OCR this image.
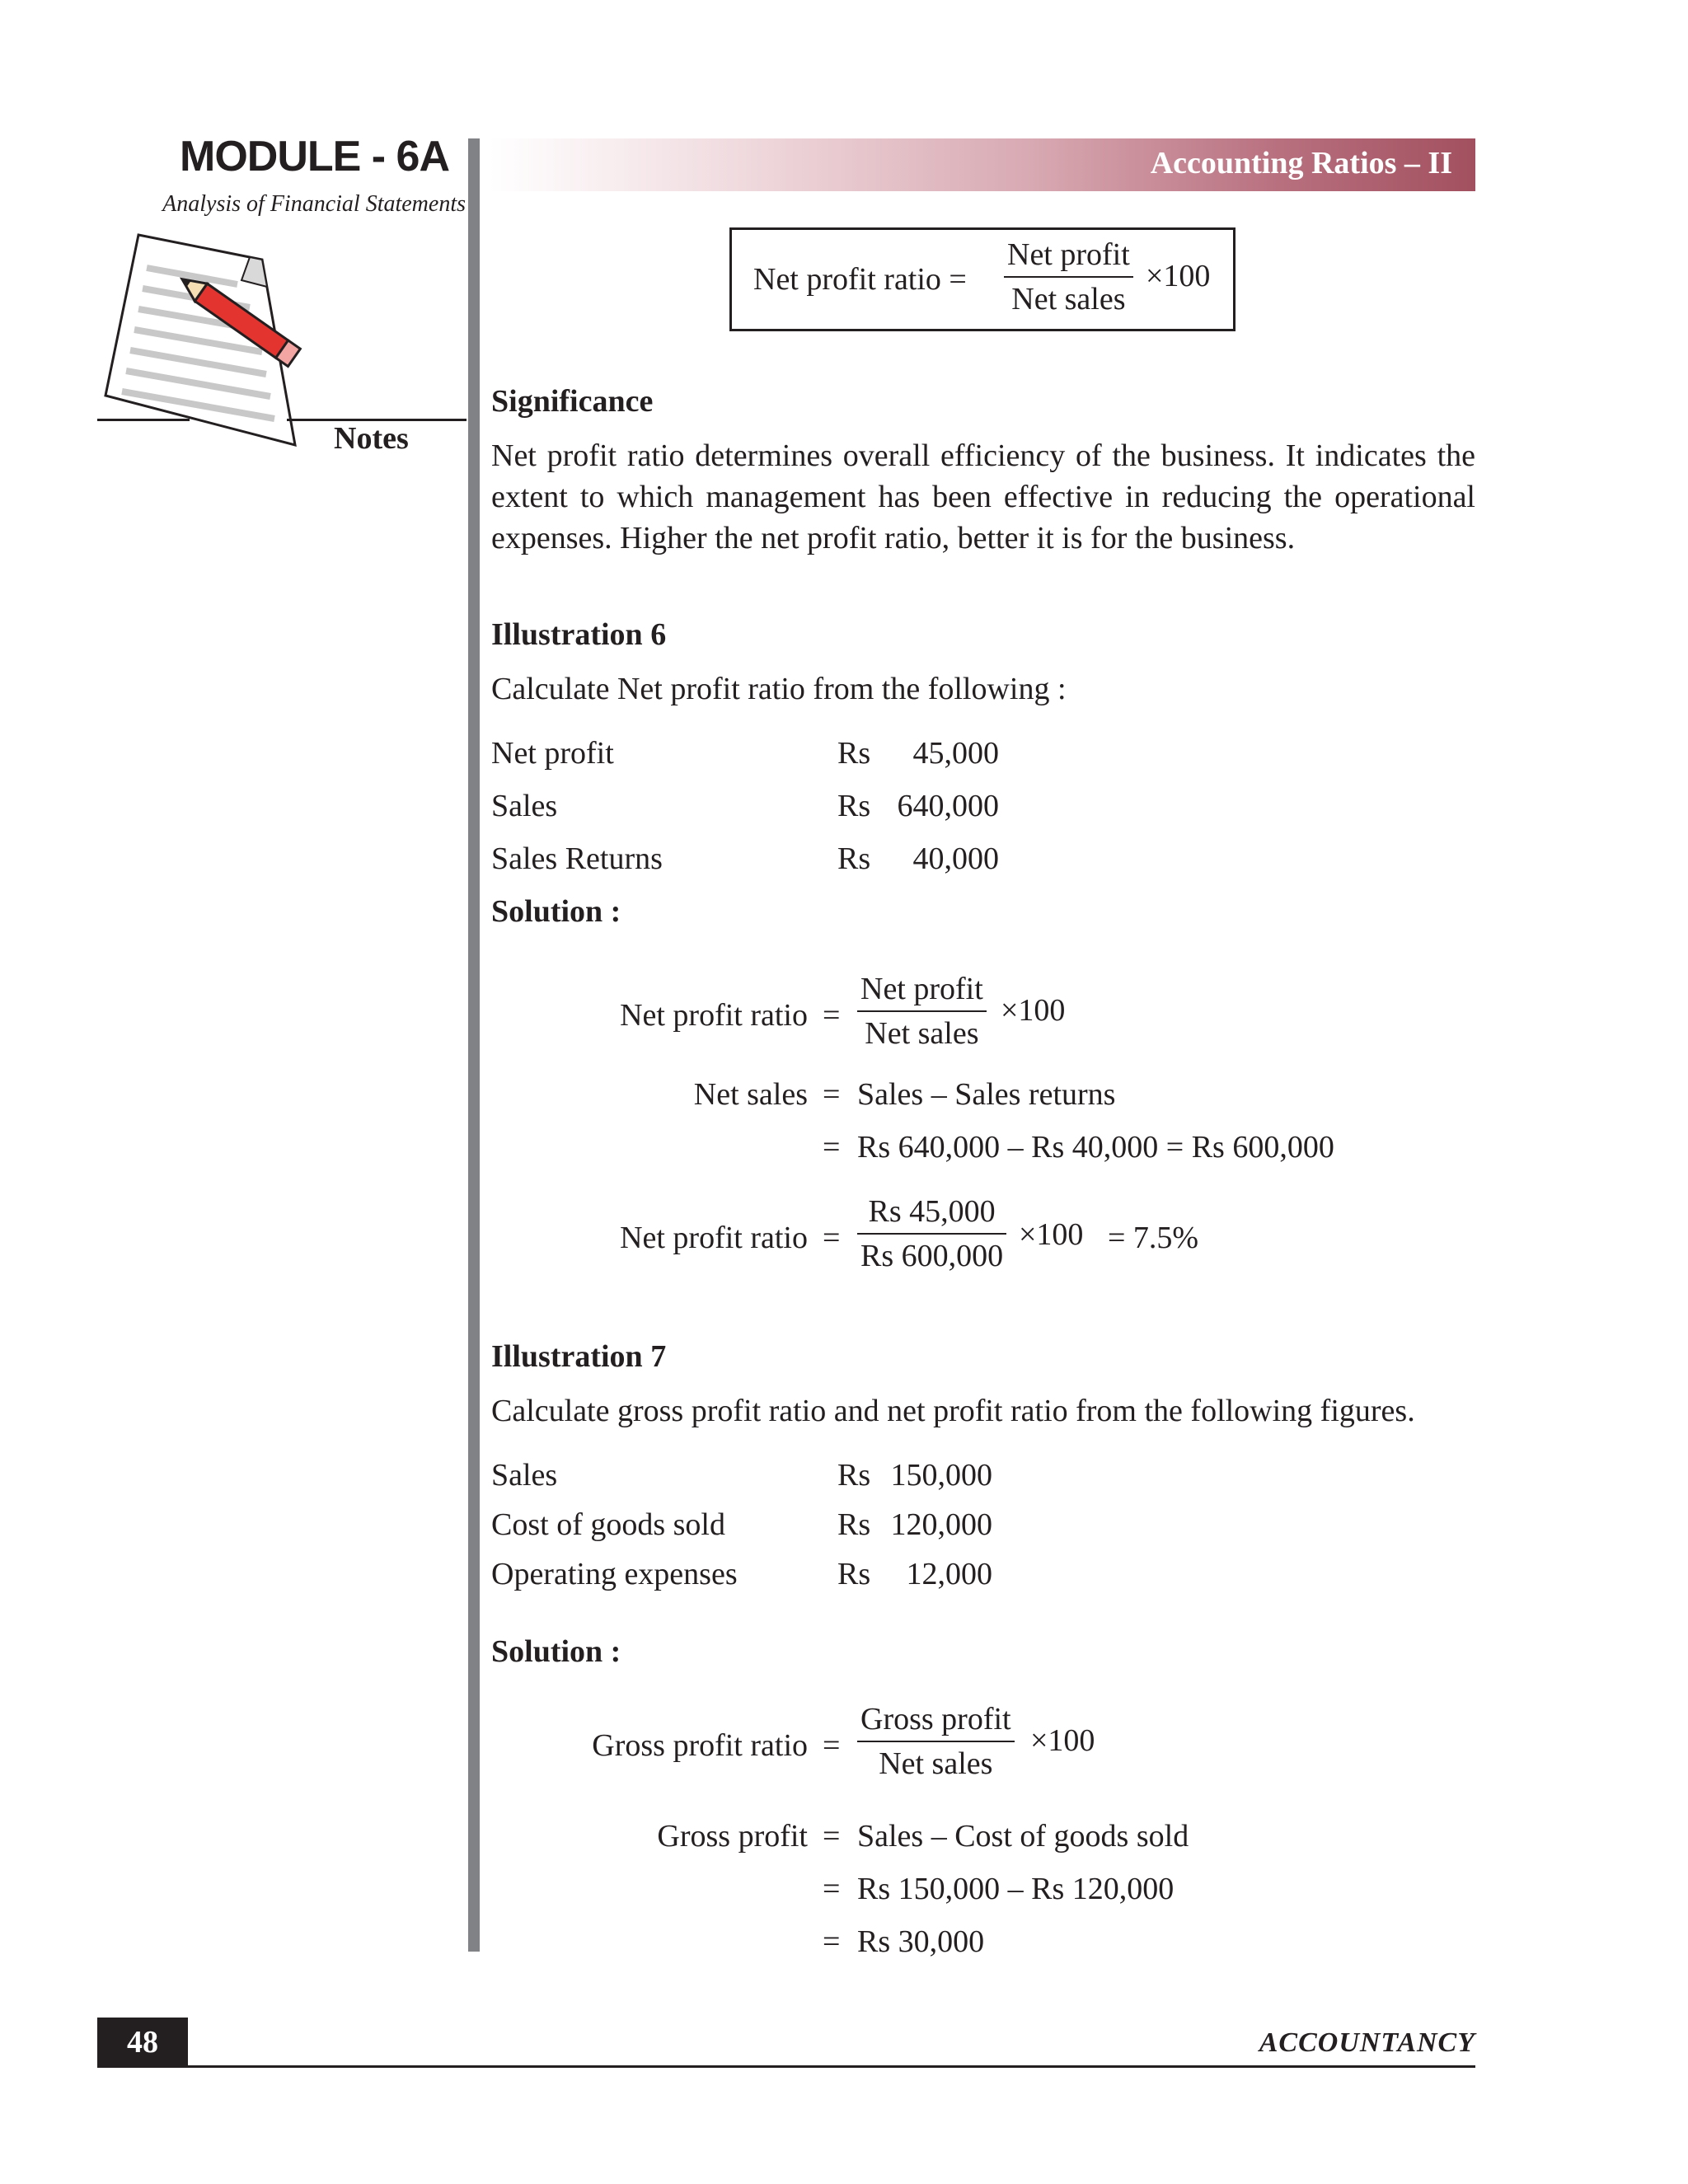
MODULE - 6A
Analysis of Financial Statements
Accounting Ratios – II
Notes
Net profit ratio =
Net profit
Net sales
×100
Significance
Net profit ratio determines overall efficiency of the business. It indicates the extent to which management has been effective in reducing the operational expenses. Higher the net profit ratio, better it is for the business.
Illustration 6
Calculate Net profit ratio from the following :
Net profit	Rs	45,000
Sales	Rs 640,000
Sales Returns	Rs	40,000
Solution :
Net profit ratio =
Net profit
Net sales
×100
Net sales = Sales – Sales returns
= Rs 640,000 – Rs 40,000 = Rs 600,000
Net profit ratio = $\frac{Rs 45,000}{Rs 600,000} \times 100 = 7.5\%$
Illustration 7
Calculate gross profit ratio and net profit ratio from the following figures.
Sales	Rs 150,000
Cost of goods sold	Rs 120,000
Operating expenses	Rs	12,000
Solution :
Gross profit ratio =
Gross profit
Net sales
×100
Gross profit = Sales – Cost of goods sold
= Rs 150,000 – Rs 120,000
= Rs 30,000
48	ACCOUNTANCY
